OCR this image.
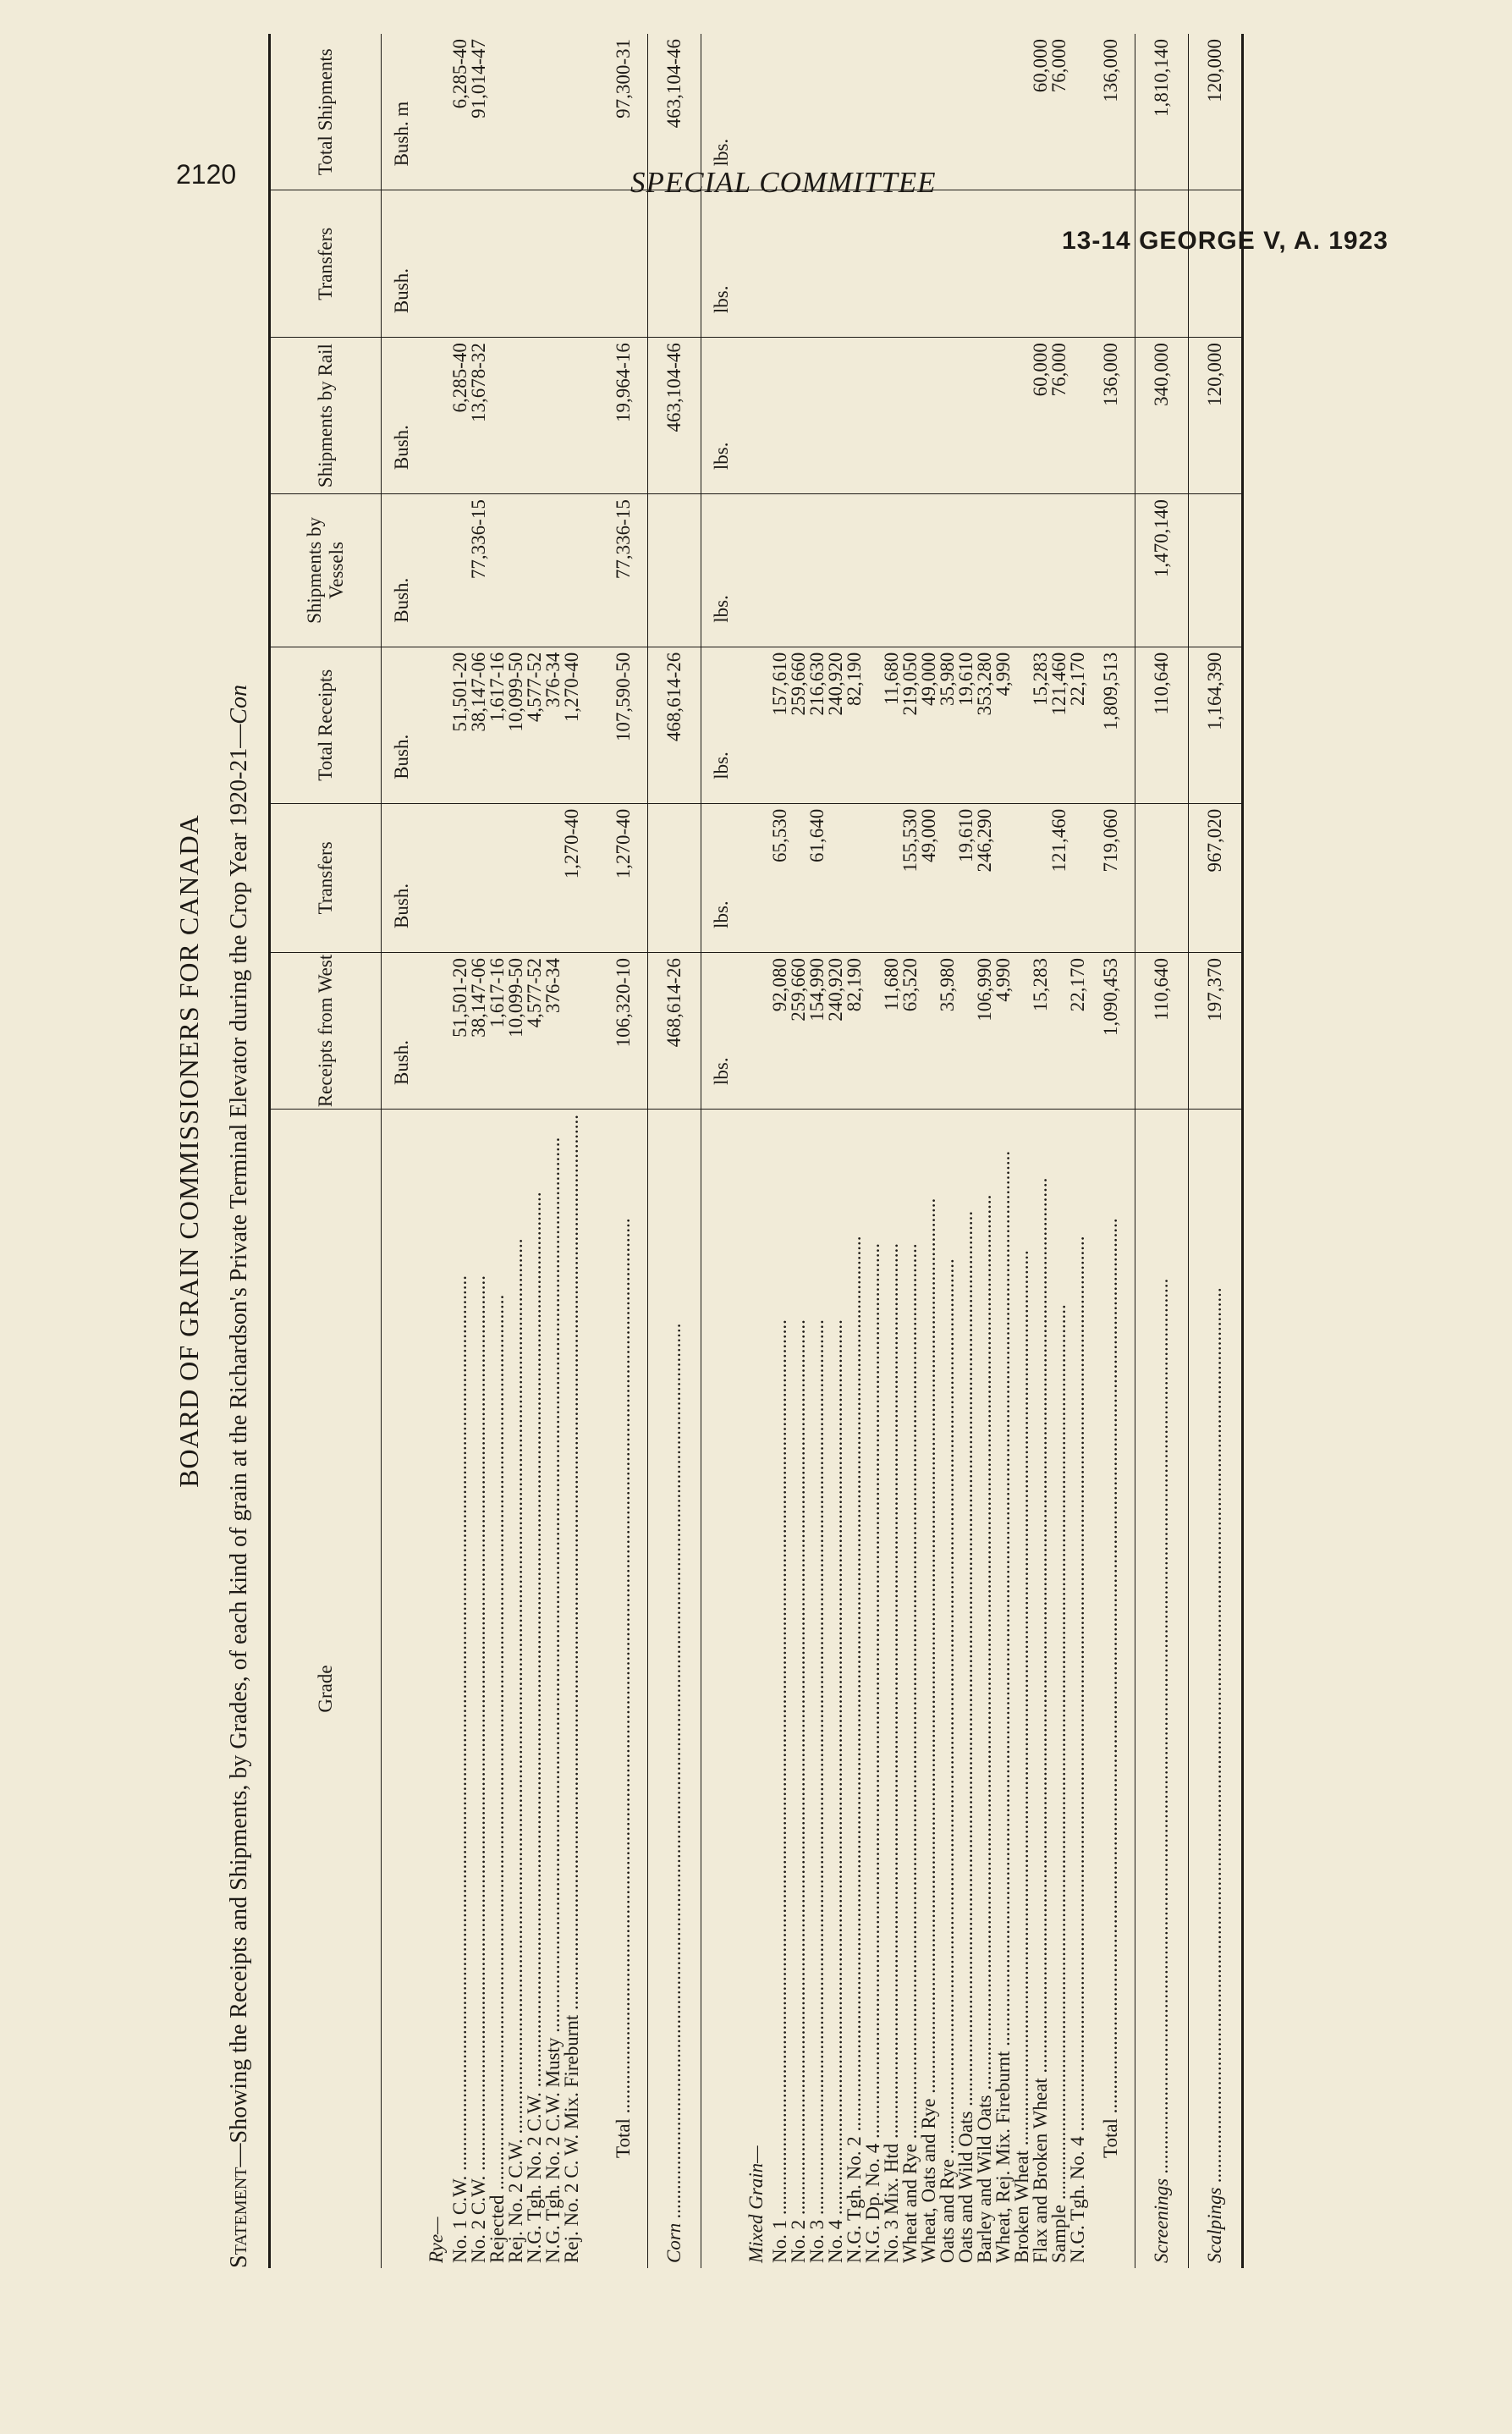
2120	SPECIAL COMMITTEE
13-14 GEORGE V, A. 1923
BOARD OF GRAIN COMMISSIONERS FOR CANADA
Statement—Showing the Receipts and Shipments, by Grades, of each kind of grain at the Richardson's Private Terminal Elevator during the Crop Year 1920-21—Con
Grade	Receipts from West	Transfers	Total Receipts	Shipments by Vessels	Shipments by Rail	Transfers	Total Shipments
	Bush.	Bush.	Bush.	Bush.	Bush.	Bush.	Bush. m
Rye—							
No. 1 C.W. .....	51,501-20		51,501-20		6,285-40		6,285-40
No. 2 C.W. .....	38,147-06		38,147-06	77,336-15	13,678-32		91,014-47
Rejected .....	1,617-16		1,617-16				
Rej. No. 2 C.W. .....	10,099-50		10,099-50				
N.G. Tgh. No. 2 C.W. .....	4,577-52		4,577-52				
N.G. Tgh. No. 2 C.W. Musty .....	376-34		376-34				
Rej. No. 2 C. W. Mix. Fireburnt .....		1,270-40	1,270-40				

Total .....	106,320-10	1,270-40	107,590-50	77,336-15	19,964-16		97,300-31
Corn .....	468,614-26		468,614-26		463,104-46		463,104-46
	lbs.	lbs.	lbs.	lbs.	lbs.	lbs.	lbs.
Mixed Grain—							
No. 1 .....	92,080	65,530	157,610				
No. 2 .....	259,660		259,660				
No. 3 .....	154,990	61,640	216,630				
No. 4 .....	240,920		240,920				
N.G. Tgh. No. 2 .....	82,190		82,190				
N.G. Dp. No. 4 .....							
No. 3 Mix. Htd .....	11,680		11,680				
Wheat and Rye .....	63,520	155,530	219,050				
Wheat, Oats and Rye .....		49,000	49,000				
Oats and Rye .....	35,980		35,980				
Oats and Wild Oats .....		19,610	19,610				
Barley and Wild Oats .....	106,990	246,290	353,280				
Wheat, Rej. Mix. Fireburnt .....	4,990		4,990				
Broken Wheat .....							
Flax and Broken Wheat .....	15,283		15,283		60,000		60,000
Sample .....		121,460	121,460		76,000		76,000
N.G. Tgh. No. 4 .....	22,170		22,170				
Total .....	1,090,453	719,060	1,809,513		136,000		136,000
Screenings .....	110,640		110,640	1,470,140	340,000		1,810,140
Scalpings .....	197,370	967,020	1,164,390		120,000		120,000
